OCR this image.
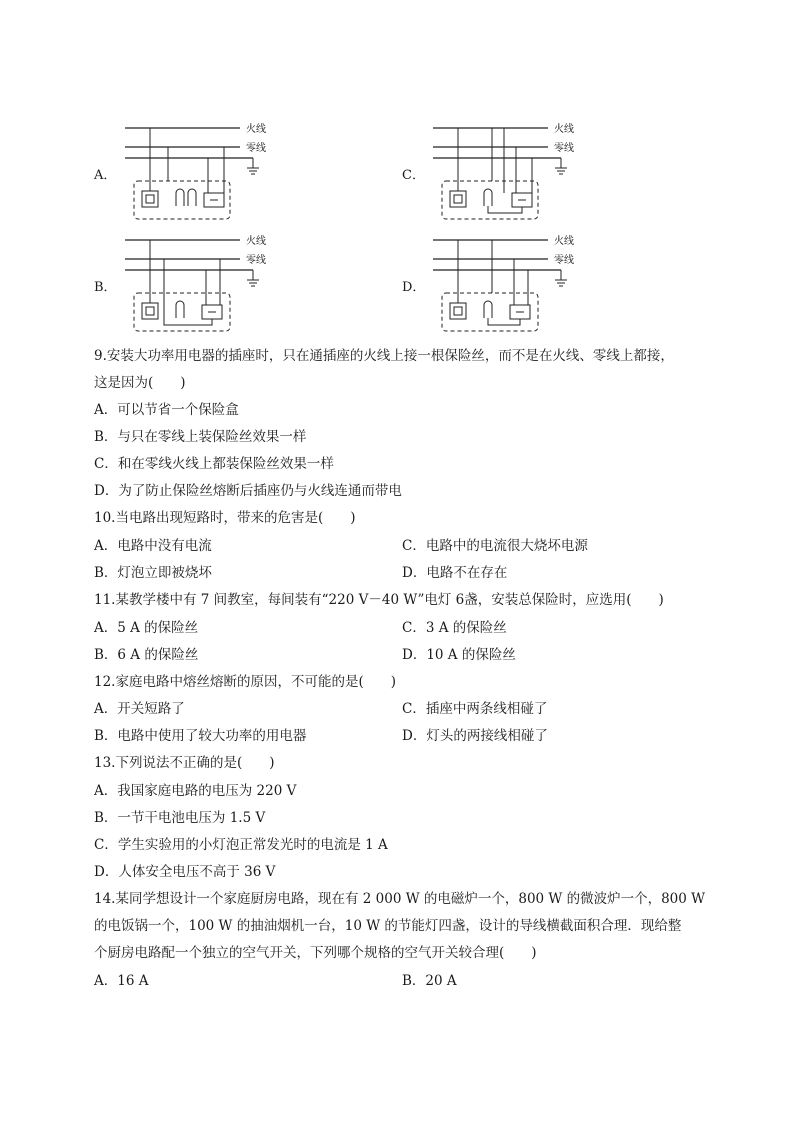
A．	C．
B．	D．
火线
零线
火线
零线
火线
零线
火线
零线
9.安装大功率用电器的插座时，只在通插座的火线上接一根保险丝，而不是在火线、零线上都接，
这是因为(　　)
A．可以节省一个保险盒
B．与只在零线上装保险丝效果一样
C．和在零线火线上都装保险丝效果一样
D．为了防止保险丝熔断后插座仍与火线连通而带电
10.当电路出现短路时，带来的危害是(　　)
A．电路中没有电流	C．电路中的电流很大烧坏电源
B．灯泡立即被烧坏	D．电路不在存在
11.某教学楼中有 7 间教室，每间装有“220 V－40 W”电灯 6盏，安装总保险时，应选用(　　)
A．5 A 的保险丝	C．3 A 的保险丝
B．6 A 的保险丝	D．10 A 的保险丝
12.家庭电路中熔丝熔断的原因，不可能的是(　　)
A．开关短路了	C．插座中两条线相碰了
B．电路中使用了较大功率的用电器	D．灯头的两接线相碰了
13.下列说法不正确的是(　　)
A．我国家庭电路的电压为 220 V
B．一节干电池电压为 1.5 V
C．学生实验用的小灯泡正常发光时的电流是 1 A
D．人体安全电压不高于 36 V
14.某同学想设计一个家庭厨房电路，现在有 2 000 W 的电磁炉一个，800 W 的微波炉一个，800 W
的电饭锅一个，100 W 的抽油烟机一台，10 W 的节能灯四盏，设计的导线横截面积合理．现给整
个厨房电路配一个独立的空气开关，下列哪个规格的空气开关较合理(　　)
A．16 A	B．20 A
